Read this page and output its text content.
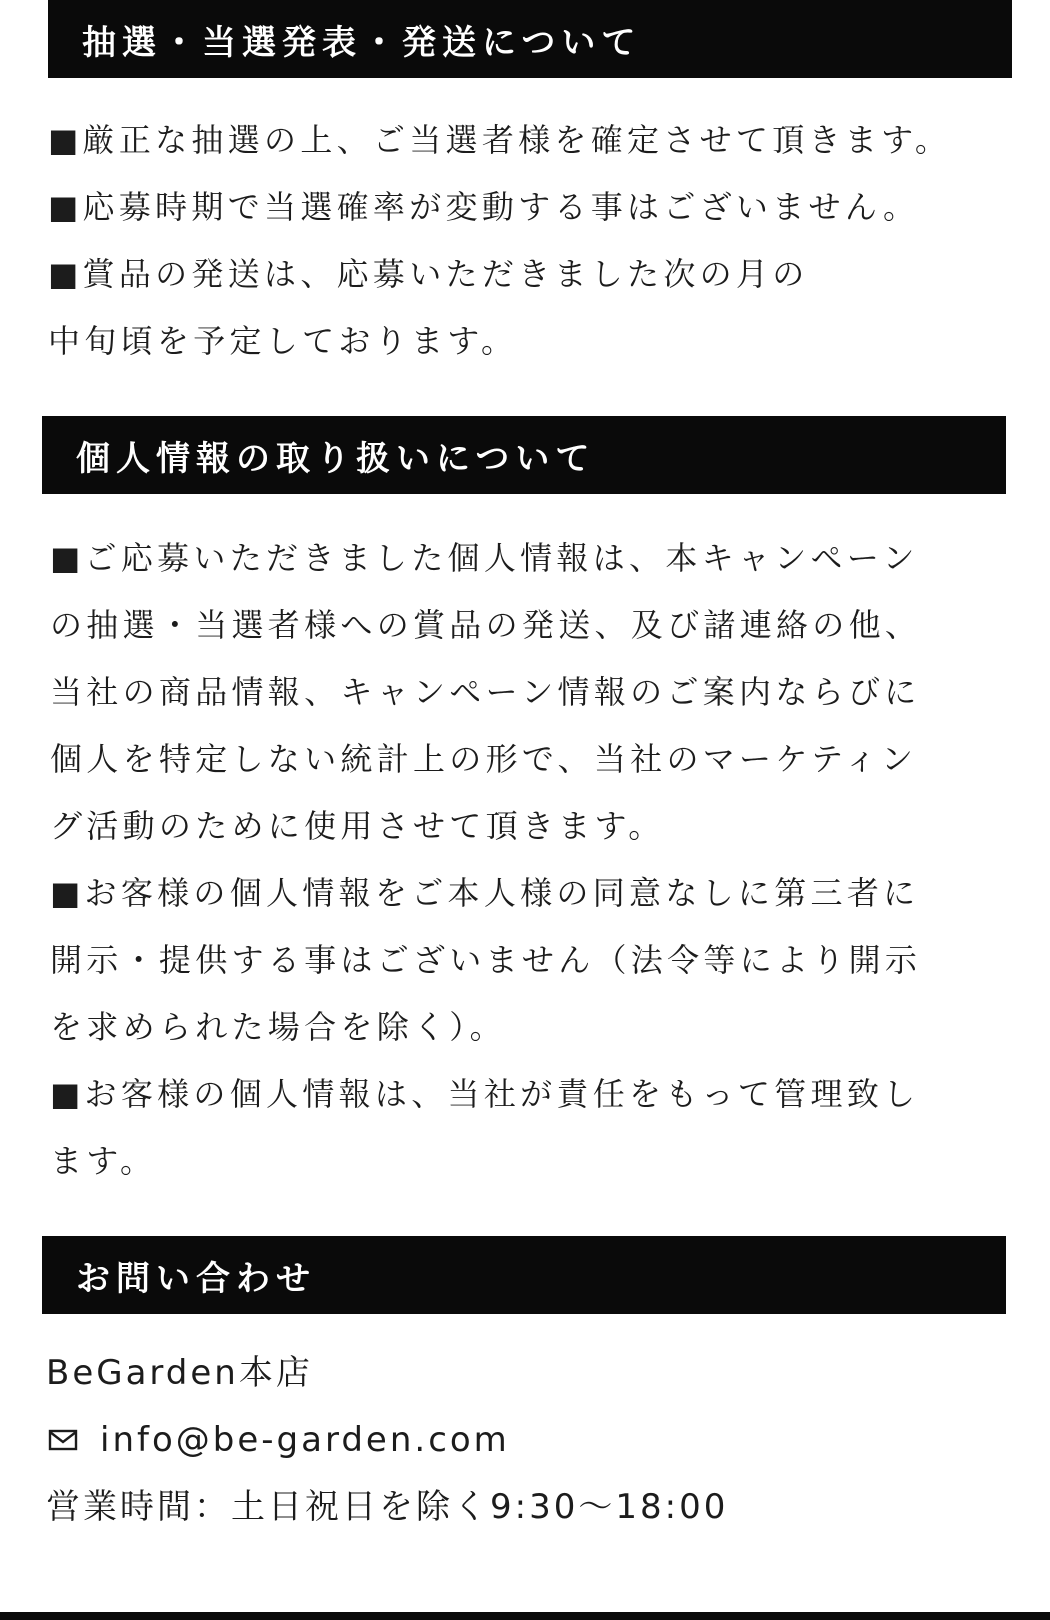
抽選・当選発表・発送について
■厳正な抽選の上、ご当選者様を確定させて頂きます。
■応募時期で当選確率が変動する事はございません。
■賞品の発送は、応募いただきました次の月の
中旬頃を予定しております。
個人情報の取り扱いについて
■ご応募いただきました個人情報は、本キャンペーン
の抽選・当選者様への賞品の発送、及び諸連絡の他、
当社の商品情報、キャンペーン情報のご案内ならびに
個人を特定しない統計上の形で、当社のマーケティン
グ活動のために使用させて頂きます。
■お客様の個人情報をご本人様の同意なしに第三者に
開示・提供する事はございません（法令等により開示
を求められた場合を除く）。
■お客様の個人情報は、当社が責任をもって管理致し
ます。
お問い合わせ
BeGarden本店
info@be-garden.com
営業時間：土日祝日を除く9:30〜18:00
